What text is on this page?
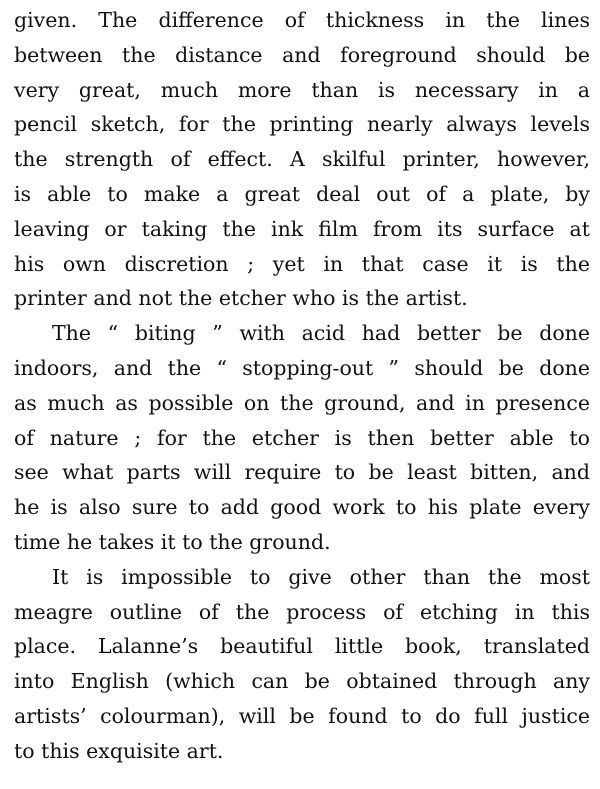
given. The difference of thickness in the lines
between the distance and foreground should be
very great, much more than is necessary in a
pencil sketch, for the printing nearly always levels
the strength of effect. A skilful printer, however,
is able to make a great deal out of a plate, by
leaving or taking the ink film from its surface at
his own discretion ; yet in that case it is the
printer and not the etcher who is the artist.
The “ biting ” with acid had better be done
indoors, and the “ stopping-out ” should be done
as much as possible on the ground, and in presence
of nature ; for the etcher is then better able to
see what parts will require to be least bitten, and
he is also sure to add good work to his plate every
time he takes it to the ground.
It is impossible to give other than the most
meagre outline of the process of etching in this
place. Lalanne’s beautiful little book, translated
into English (which can be obtained through any
artists’ colourman), will be found to do full justice
to this exquisite art.
